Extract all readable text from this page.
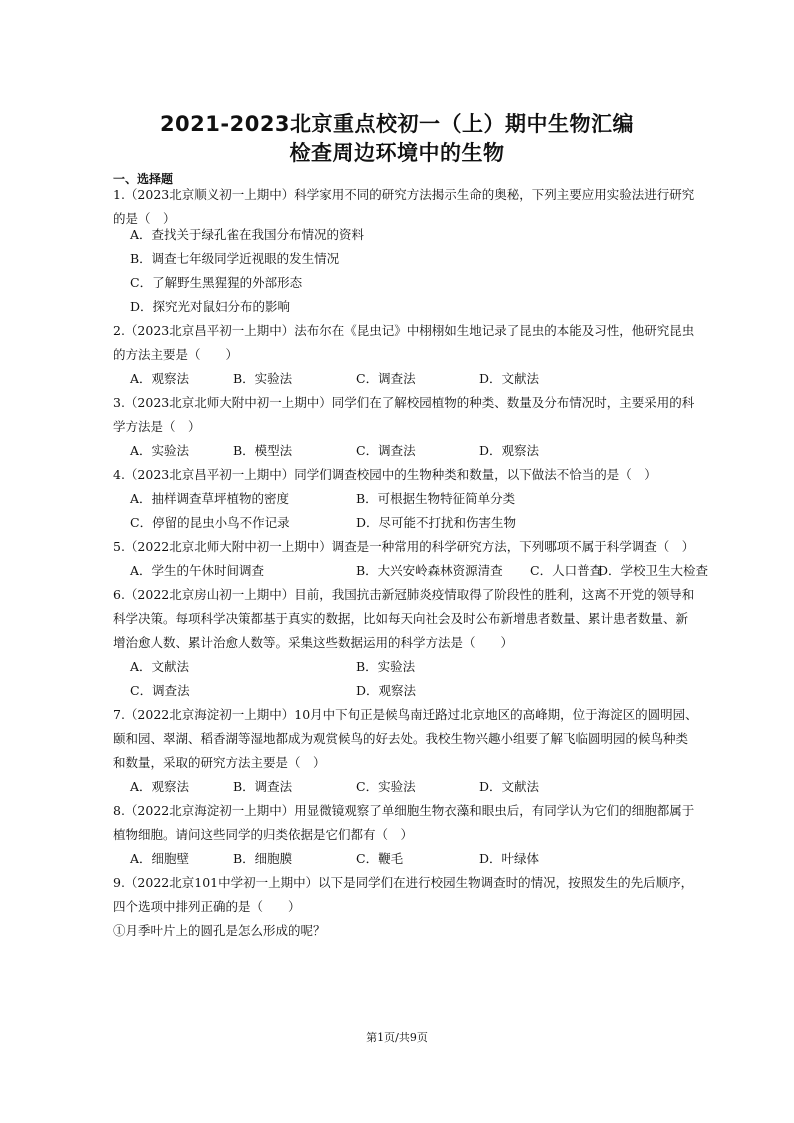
2021-2023北京重点校初一（上）期中生物汇编
检查周边环境中的生物
一、选择题
1.（2023北京顺义初一上期中）科学家用不同的研究方法揭示生命的奥秘，下列主要应用实验法进行研究
的是（　）
A．查找关于绿孔雀在我国分布情况的资料
B．调查七年级同学近视眼的发生情况
C．了解野生黑猩猩的外部形态
D．探究光对鼠妇分布的影响
2.（2023北京昌平初一上期中）法布尔在《昆虫记》中栩栩如生地记录了昆虫的本能及习性，他研究昆虫
的方法主要是（　　）
A．观察法	B．实验法	C．调查法	D．文献法
3.（2023北京北师大附中初一上期中）同学们在了解校园植物的种类、数量及分布情况时，主要采用的科
学方法是（　）
A．实验法	B．模型法	C．调查法	D．观察法
4.（2023北京昌平初一上期中）同学们调查校园中的生物种类和数量，以下做法不恰当的是（　）
A．抽样调查草坪植物的密度	B．可根据生物特征简单分类
C．停留的昆虫小鸟不作记录	D．尽可能不打扰和伤害生物
5.（2022北京北师大附中初一上期中）调查是一种常用的科学研究方法，下列哪项不属于科学调查（　）
A．学生的午休时间调查	B．大兴安岭森林资源清查 C．人口普查
D．学校卫生大检查
6.（2022北京房山初一上期中）目前，我国抗击新冠肺炎疫情取得了阶段性的胜利，这离不开党的领导和
科学决策。每项科学决策都基于真实的数据，比如每天向社会及时公布新增患者数量、累计患者数量、新
增治愈人数、累计治愈人数等。采集这些数据运用的科学方法是（　　）
A．文献法	B．实验法
C．调查法	D．观察法
7.（2022北京海淀初一上期中）10月中下旬正是候鸟南迁路过北京地区的高峰期，位于海淀区的圆明园、
颐和园、翠湖、稻香湖等湿地都成为观赏候鸟的好去处。我校生物兴趣小组要了解飞临圆明园的候鸟种类
和数量，采取的研究方法主要是（　）
A．观察法	B．调查法	C．实验法	D．文献法
8.（2022北京海淀初一上期中）用显微镜观察了单细胞生物衣藻和眼虫后，有同学认为它们的细胞都属于
植物细胞。请问这些同学的归类依据是它们都有（　）
A．细胞壁	B．细胞膜	C．鞭毛	D．叶绿体
9.（2022北京101中学初一上期中）以下是同学们在进行校园生物调查时的情况，按照发生的先后顺序，
四个选项中排列正确的是（　　）
①月季叶片上的圆孔是怎么形成的呢？
第1页/共9页
